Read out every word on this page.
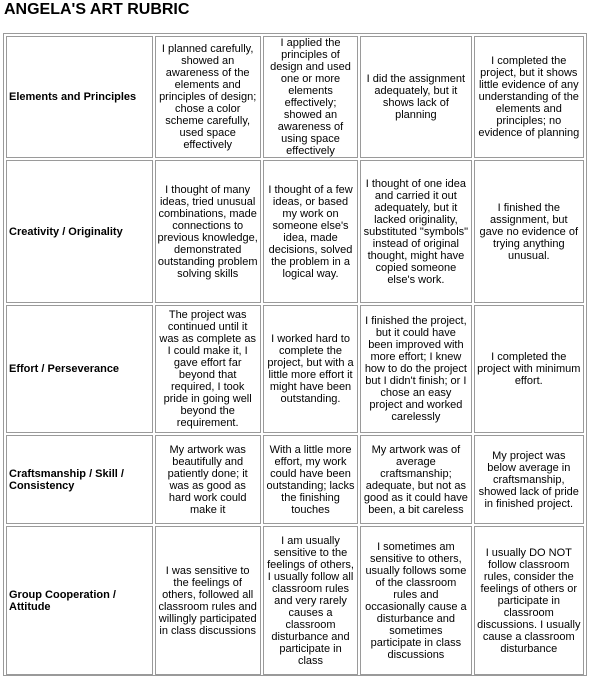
ANGELA'S ART RUBRIC
Elements and Principles	I planned carefully, showed an awareness of the elements and principles of design; chose a color scheme carefully, used space effectively	I applied the principles of design and used one or more elements effectively; showed an awareness of using space effectively	I did the assignment adequately, but it shows lack of planning	I completed the project, but it shows little evidence of any understanding of the elements and principles; no evidence of planning
Creativity / Originality	I thought of many ideas, tried unusual combinations, made connections to previous knowledge, demonstrated outstanding problem solving skills	I thought of a few ideas, or based my work on someone else's idea, made decisions, solved the problem in a logical way.	I thought of one idea and carried it out adequately, but it lacked originality, substituted "symbols" instead of original thought, might have copied someone else's work.	I finished the assignment, but gave no evidence of trying anything unusual.
Effort / Perseverance	The project was continued until it was as complete as I could make it, I gave effort far beyond that required, I took pride in going well beyond the requirement.	I worked hard to complete the project, but with a little more effort it might have been outstanding.	I finished the project, but it could have been improved with more effort; I knew how to do the project but I didn't finish; or I chose an easy project and worked carelessly	I completed the project with minimum effort.
Craftsmanship / Skill / Consistency	My artwork was beautifully and patiently done; it was as good as hard work could make it	With a little more effort, my work could have been outstanding; lacks the finishing touches	My artwork was of average craftsmanship; adequate, but not as good as it could have been, a bit careless	My project was below average in craftsmanship, showed lack of pride in finished project.
Group Cooperation / Attitude	I was sensitive to the feelings of others, followed all classroom rules and willingly participated in class discussions	I am usually sensitive to the feelings of others, I usually follow all classroom rules and very rarely causes a classroom disturbance and participate in class	I sometimes am sensitive to others, usually follows some of the classroom rules and occasionally cause a disturbance and sometimes participate in class discussions	I usually DO NOT follow classroom rules, consider the feelings of others or participate in classroom discussions. I usually cause a classroom disturbance
